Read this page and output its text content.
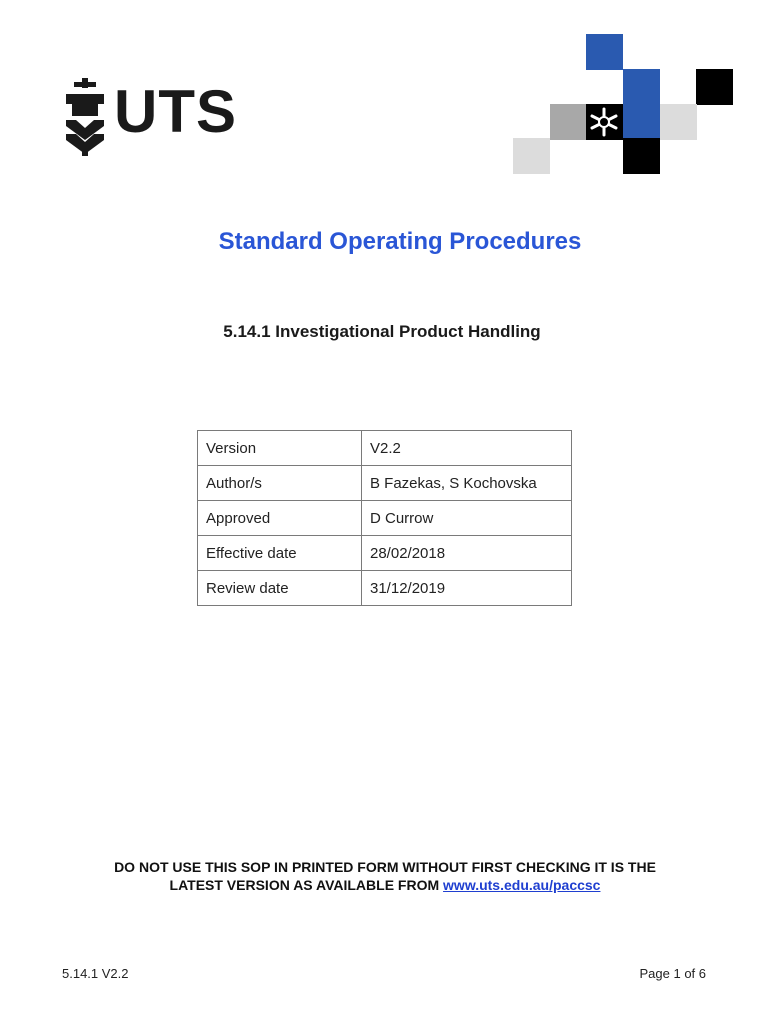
UTS
Standard Operating Procedures
5.14.1 Investigational Product Handling
Version	V2.2
Author/s	B Fazekas, S Kochovska
Approved	D Currow
Effective date	28/02/2018
Review date	31/12/2019
DO NOT USE THIS SOP IN PRINTED FORM WITHOUT FIRST CHECKING IT IS THE
LATEST VERSION AS AVAILABLE FROM www.uts.edu.au/paccsc
5.14.1 V2.2	Page 1 of 6
